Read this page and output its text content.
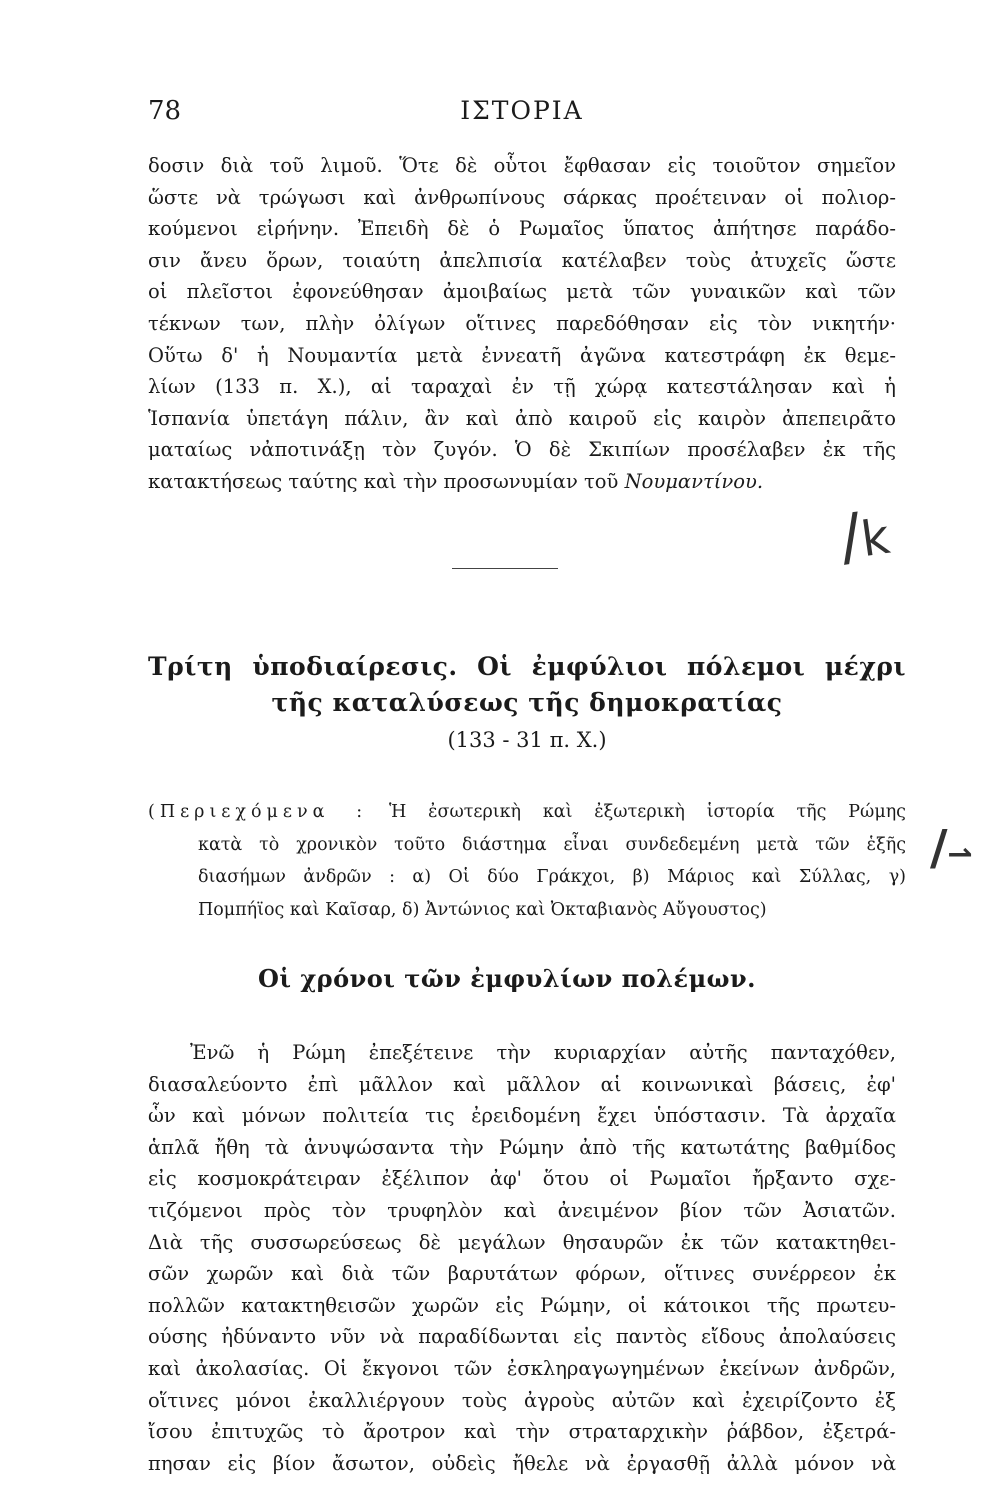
78	ΙΣΤΟΡΙΑ
δοσιν διὰ τοῦ λιμοῦ. Ὅτε δὲ οὗτοι ἔφθασαν εἰς τοιοῦτον σημεῖον
ὥστε νὰ τρώγωσι καὶ ἀνθρωπίνους σάρκας προέτειναν οἱ πολιορ-
κούμενοι εἰρήνην. Ἐπειδὴ δὲ ὁ Ρωμαῖος ὕπατος ἀπήτησε παράδο-
σιν ἄνευ ὅρων, τοιαύτη ἀπελπισία κατέλαβεν τοὺς ἀτυχεῖς ὥστε
οἱ πλεῖστοι ἐφονεύθησαν ἀμοιβαίως μετὰ τῶν γυναικῶν καὶ τῶν
τέκνων των, πλὴν ὀλίγων οἵτινες παρεδόθησαν εἰς τὸν νικητήν·
Οὕτω δ' ἡ Νουμαντία μετὰ ἐννεατῆ ἀγῶνα κατεστράφη ἐκ θεμε-
λίων (133 π. Χ.), αἱ ταραχαὶ ἐν τῇ χώρᾳ κατεστάλησαν καὶ ἡ
Ἱσπανία ὑπετάγη πάλιν, ἂν καὶ ἀπὸ καιροῦ εἰς καιρὸν ἀπεπειρᾶτο
ματαίως νἀποτινάξῃ τὸν ζυγόν. Ὁ δὲ Σκιπίων προσέλαβεν ἐκ τῆς
κατακτήσεως ταύτης καὶ τὴν προσωνυμίαν τοῦ Νουμαντίνου.
/k
Τρίτη ὑποδιαίρεσις. Οἱ ἐμφύλιοι πόλεμοι μέχρι
τῆς καταλύσεως τῆς δημοκρατίας
(133 - 31 π. Χ.)
(Περιεχόμενα : Ἡ ἐσωτερικὴ καὶ ἐξωτερικὴ ἱστορία τῆς Ρώμης
κατὰ τὸ χρονικὸν τοῦτο διάστημα εἶναι συνδεδεμένη μετὰ τῶν ἑξῆς
διασήμων ἀνδρῶν : α) Οἱ δύο Γράκχοι, β) Μάριος καὶ Σύλλας, γ)
Πομπήϊος καὶ Καῖσαρ, δ) Ἀντώνιος καὶ Ὀκταβιανὸς Αὔγουστος)
/⇀
Οἱ χρόνοι τῶν ἐμφυλίων πολέμων.
Ἐνῶ ἡ Ρώμη ἐπεξέτεινε τὴν κυριαρχίαν αὐτῆς πανταχόθεν,
διασαλεύοντο ἐπὶ μᾶλλον καὶ μᾶλλον αἱ κοινωνικαὶ βάσεις, ἐφ'
ὧν καὶ μόνων πολιτεία τις ἐρειδομένη ἔχει ὑπόστασιν. Τὰ ἀρχαῖα
ἁπλᾶ ἤθη τὰ ἀνυψώσαντα τὴν Ρώμην ἀπὸ τῆς κατωτάτης βαθμίδος
εἰς κοσμοκράτειραν ἐξέλιπον ἀφ' ὅτου οἱ Ρωμαῖοι ἤρξαντο σχε-
τιζόμενοι πρὸς τὸν τρυφηλὸν καὶ ἀνειμένον βίον τῶν Ἀσιατῶν.
Διὰ τῆς συσσωρεύσεως δὲ μεγάλων θησαυρῶν ἐκ τῶν κατακτηθει-
σῶν χωρῶν καὶ διὰ τῶν βαρυτάτων φόρων, οἵτινες συνέρρεον ἐκ
πολλῶν κατακτηθεισῶν χωρῶν εἰς Ρώμην, οἱ κάτοικοι τῆς πρωτευ-
ούσης ἠδύναντο νῦν νὰ παραδίδωνται εἰς παντὸς εἴδους ἀπολαύσεις
καὶ ἀκολασίας. Οἱ ἔκγονοι τῶν ἐσκληραγωγημένων ἐκείνων ἀνδρῶν,
οἵτινες μόνοι ἐκαλλιέργουν τοὺς ἀγροὺς αὐτῶν καὶ ἐχειρίζοντο ἐξ
ἴσου ἐπιτυχῶς τὸ ἄροτρον καὶ τὴν στραταρχικὴν ῥάβδον, ἐξετρά-
πησαν εἰς βίον ἄσωτον, οὐδεὶς ἤθελε νὰ ἐργασθῇ ἀλλὰ μόνον νὰ
